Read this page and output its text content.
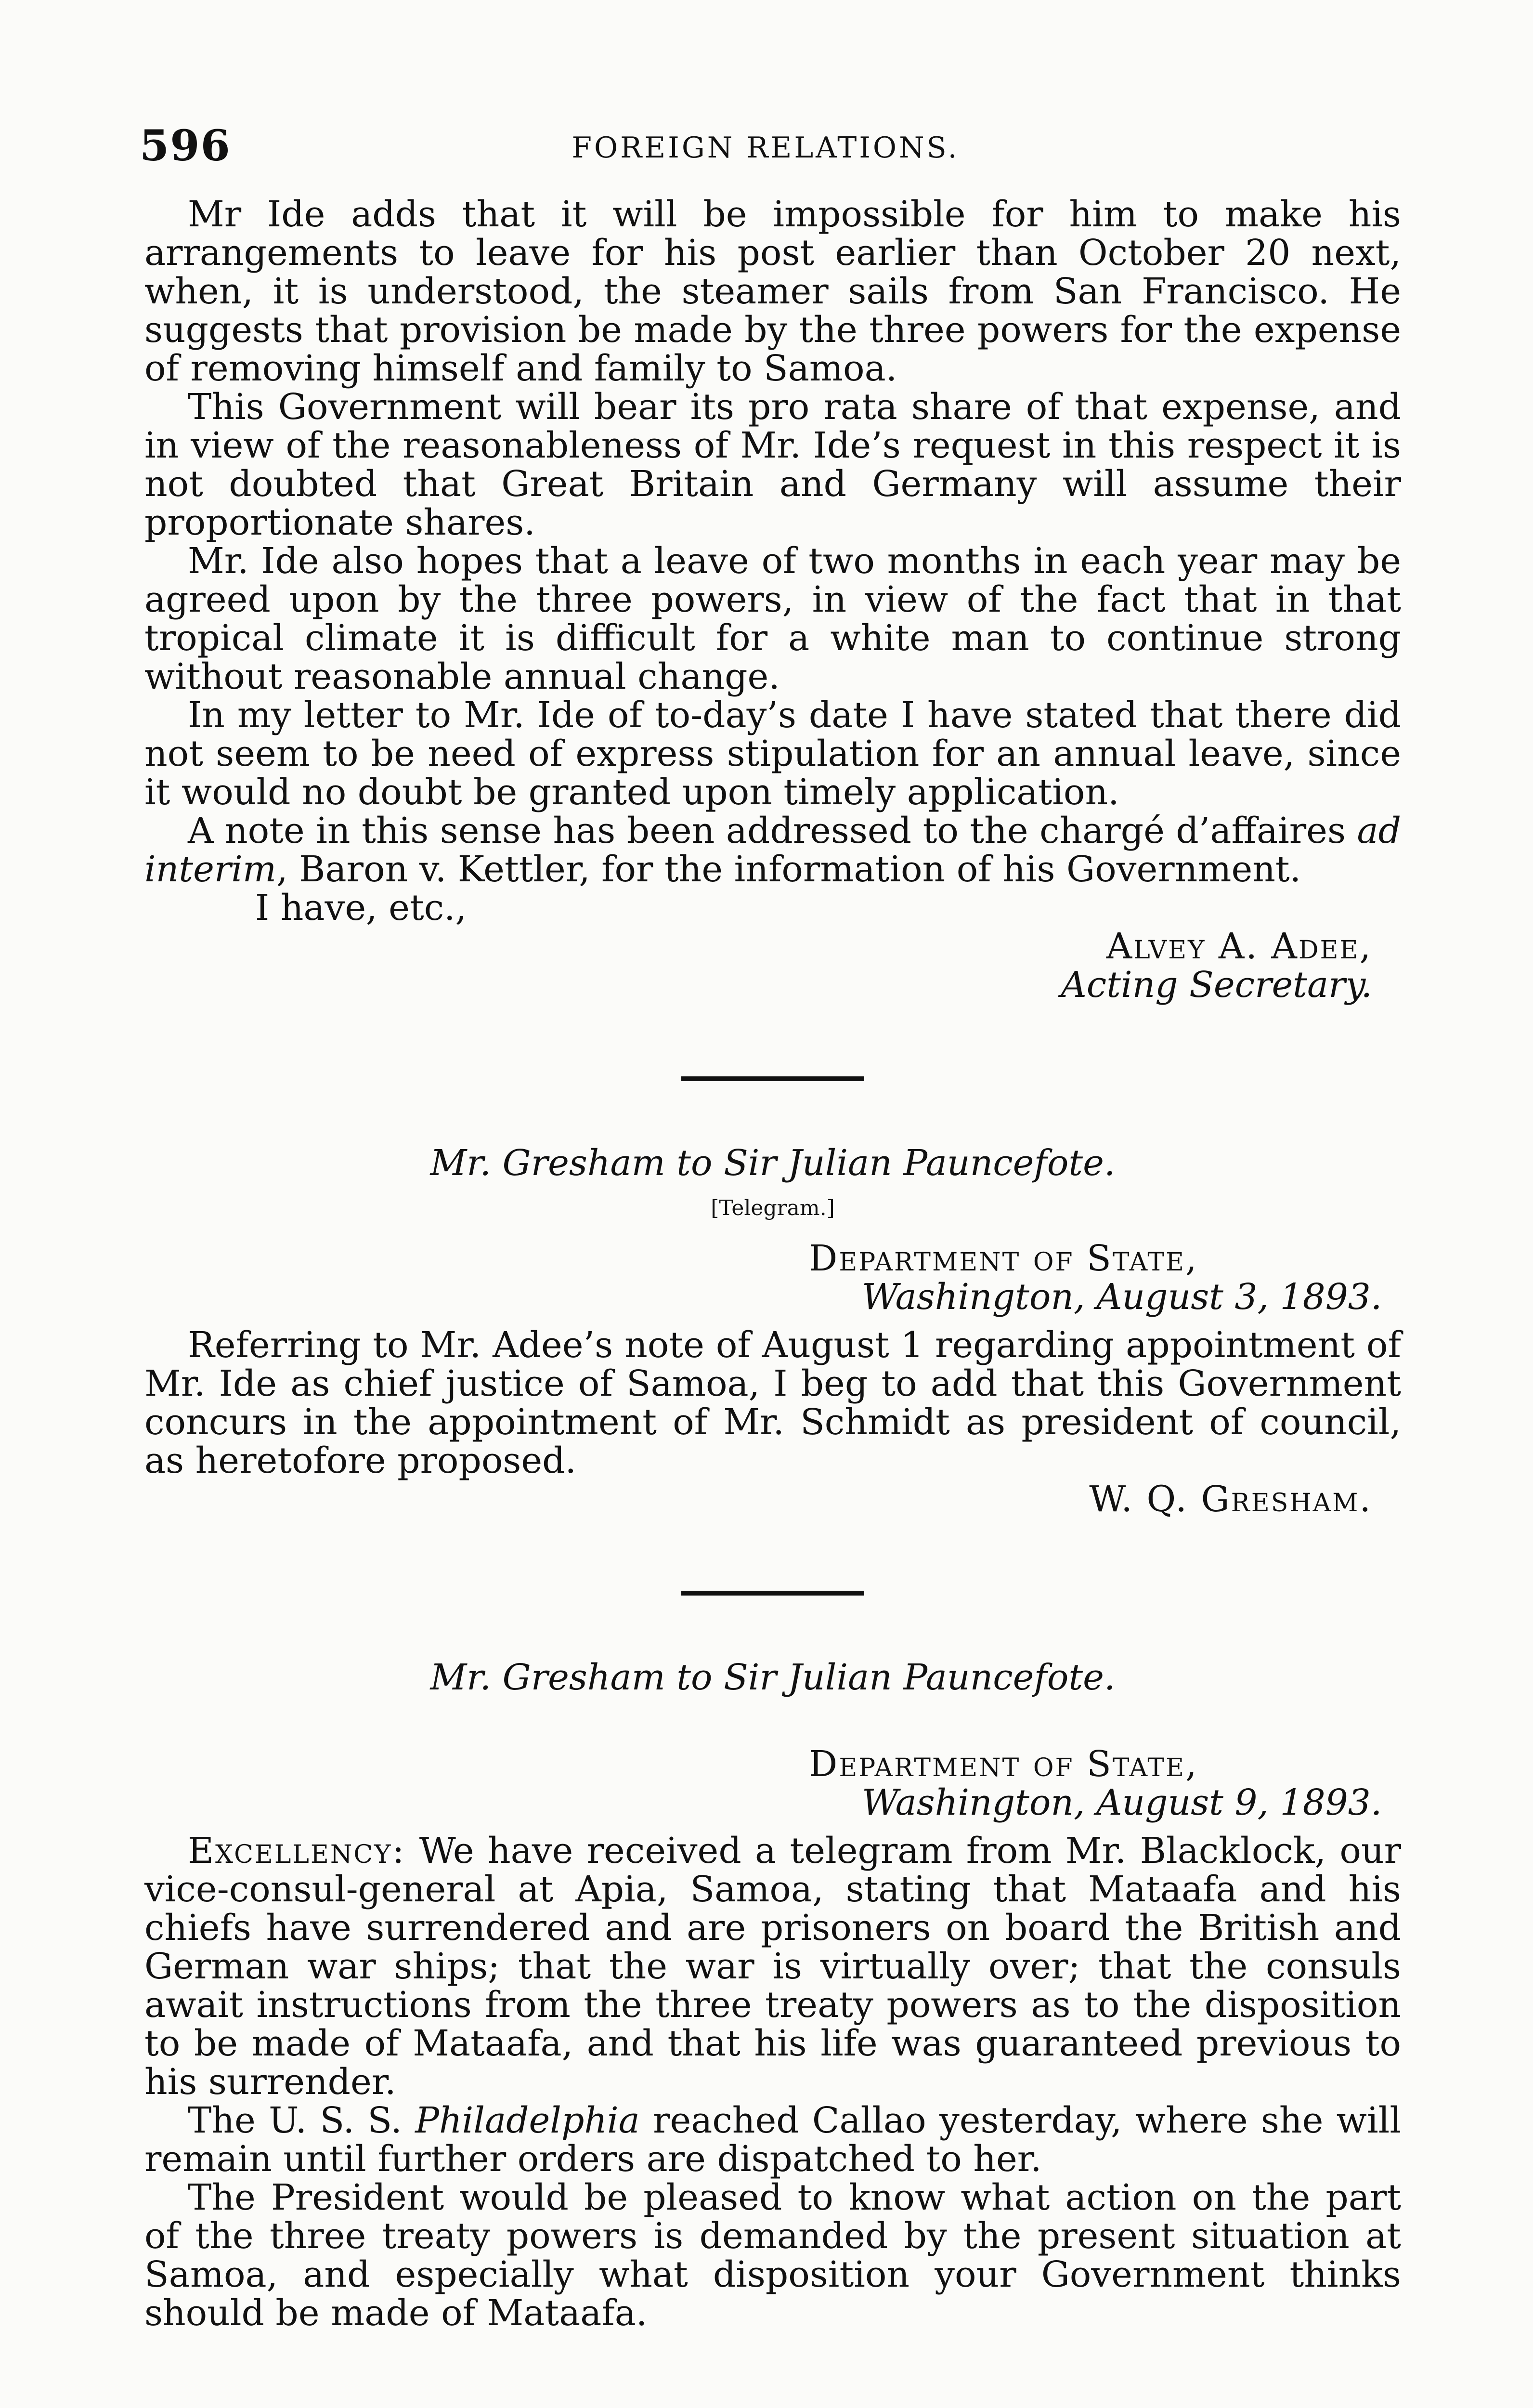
596	FOREIGN RELATIONS.

Mr Ide adds that it will be impossible for him to make his arrangements to leave for his post earlier than October 20 next, when, it is understood, the steamer sails from San Francisco. He suggests that provision be made by the three powers for the expense of removing himself and family to Samoa.

This Government will bear its pro rata share of that expense, and in view of the reasonableness of Mr. Ide’s request in this respect it is not doubted that Great Britain and Germany will assume their proportionate shares.

Mr. Ide also hopes that a leave of two months in each year may be agreed upon by the three powers, in view of the fact that in that tropical climate it is difficult for a white man to continue strong without reasonable annual change.

In my letter to Mr. Ide of to-day’s date I have stated that there did not seem to be need of express stipulation for an annual leave, since it would no doubt be granted upon timely application.

A note in this sense has been addressed to the chargé d’affaires ad interim, Baron v. Kettler, for the information of his Government.

I have, etc.,

Alvey A. Adee,

Acting Secretary.

Mr. Gresham to Sir Julian Pauncefote.

[Telegram.]

Department of State,

Washington, August 3, 1893.

Referring to Mr. Adee’s note of August 1 regarding appointment of Mr. Ide as chief justice of Samoa, I beg to add that this Government concurs in the appointment of Mr. Schmidt as president of council, as heretofore proposed.

W. Q. Gresham.

Mr. Gresham to Sir Julian Pauncefote.

Department of State,

Washington, August 9, 1893.

Excellency: We have received a telegram from Mr. Blacklock, our vice-consul-general at Apia, Samoa, stating that Mataafa and his chiefs have surrendered and are prisoners on board the British and German war ships; that the war is virtually over; that the consuls await instructions from the three treaty powers as to the disposition to be made of Mataafa, and that his life was guaranteed previous to his surrender.

The U. S. S. Philadelphia reached Callao yesterday, where she will remain until further orders are dispatched to her.

The President would be pleased to know what action on the part of the three treaty powers is demanded by the present situation at Samoa, and especially what disposition your Government thinks should be made of Mataafa.
